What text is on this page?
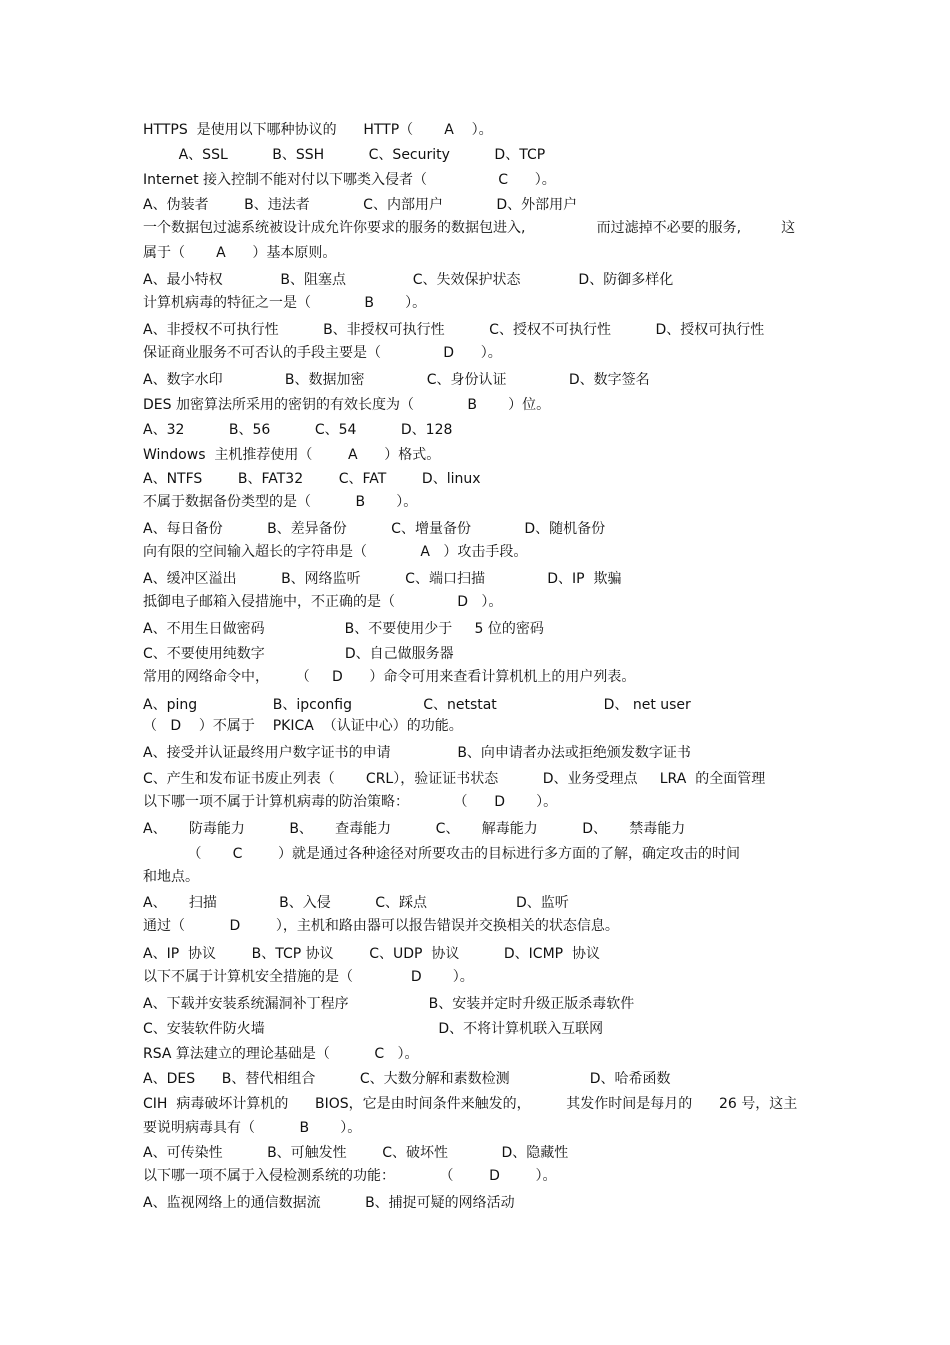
HTTPS  是使用以下哪种协议的      HTTP（       A    ）。

A、SSL          B、SSH          C、Security          D、TCP

Internet 接入控制不能对付以下哪类入侵者（                C      ）。

A、伪装者        B、违法者            C、内部用户            D、外部用户

一个数据包过滤系统被设计成允许你要求的服务的数据包进入,                而过滤掉不必要的服务,         这

属于（       A      ）基本原则。

A、最小特权             B、阻塞点               C、失效保护状态             D、防御多样化

计算机病毒的特征之一是（            B       ）。

A、非授权不可执行性          B、非授权可执行性          C、授权不可执行性          D、授权可执行性

保证商业服务不可否认的手段主要是（              D      ）。

A、数字水印              B、数据加密              C、身份认证              D、数字签名

DES 加密算法所采用的密钥的有效长度为（            B       ）位。

A、32          B、56          C、54          D、128

Windows  主机推荐使用（        A      ）格式。

A、NTFS        B、FAT32        C、FAT        D、linux

不属于数据备份类型的是（          B       ）。

A、每日备份          B、差异备份          C、增量备份            D、随机备份

向有限的空间输入超长的字符串是（            A   ）攻击手段。

A、缓冲区溢出          B、网络监听          C、端口扫描              D、IP  欺骗

抵御电子邮箱入侵措施中，不正确的是（              D   ）。

A、不用生日做密码                  B、不要使用少于     5 位的密码

C、不要使用纯数字                  D、自己做服务器

常用的网络命令中，      （     D      ）命令可用来查看计算机机上的用户列表。

A、ping                 B、ipconfig                C、netstat                        D、 net user

（   D    ）不属于    PKICA  （认证中心）的功能。

A、接受并认证最终用户数字证书的申请               B、向申请者办法或拒绝颁发数字证书

C、产生和发布证书废止列表（       CRL），验证证书状态          D、业务受理点     LRA  的全面管理

以下哪一项不属于计算机病毒的防治策略：          （      D       ）。

A、     防毒能力          B、     查毒能力          C、     解毒能力          D、     禁毒能力

（       C        ）就是通过各种途径对所要攻击的目标进行多方面的了解，确定攻击的时间

和地点。

A、     扫描              B、入侵          C、踩点                    D、监听

通过（          D        ），主机和路由器可以报告错误并交换相关的状态信息。

A、IP  协议        B、TCP 协议        C、UDP  协议          D、ICMP  协议

以下不属于计算机安全措施的是（             D       ）。

A、下载并安装系统漏洞补丁程序                  B、安装并定时升级正版杀毒软件

C、安装软件防火墙                                       D、不将计算机联入互联网

RSA 算法建立的理论基础是（          C   ）。

A、DES      B、替代相组合          C、大数分解和素数检测                  D、哈希函数

CIH  病毒破坏计算机的      BIOS，它是由时间条件来触发的，        其发作时间是每月的      26 号，这主

要说明病毒具有（          B       ）。

A、可传染性          B、可触发性        C、破坏性            D、隐藏性

以下哪一项不属于入侵检测系统的功能：          （        D        ）。

A、监视网络上的通信数据流          B、捕捉可疑的网络活动
